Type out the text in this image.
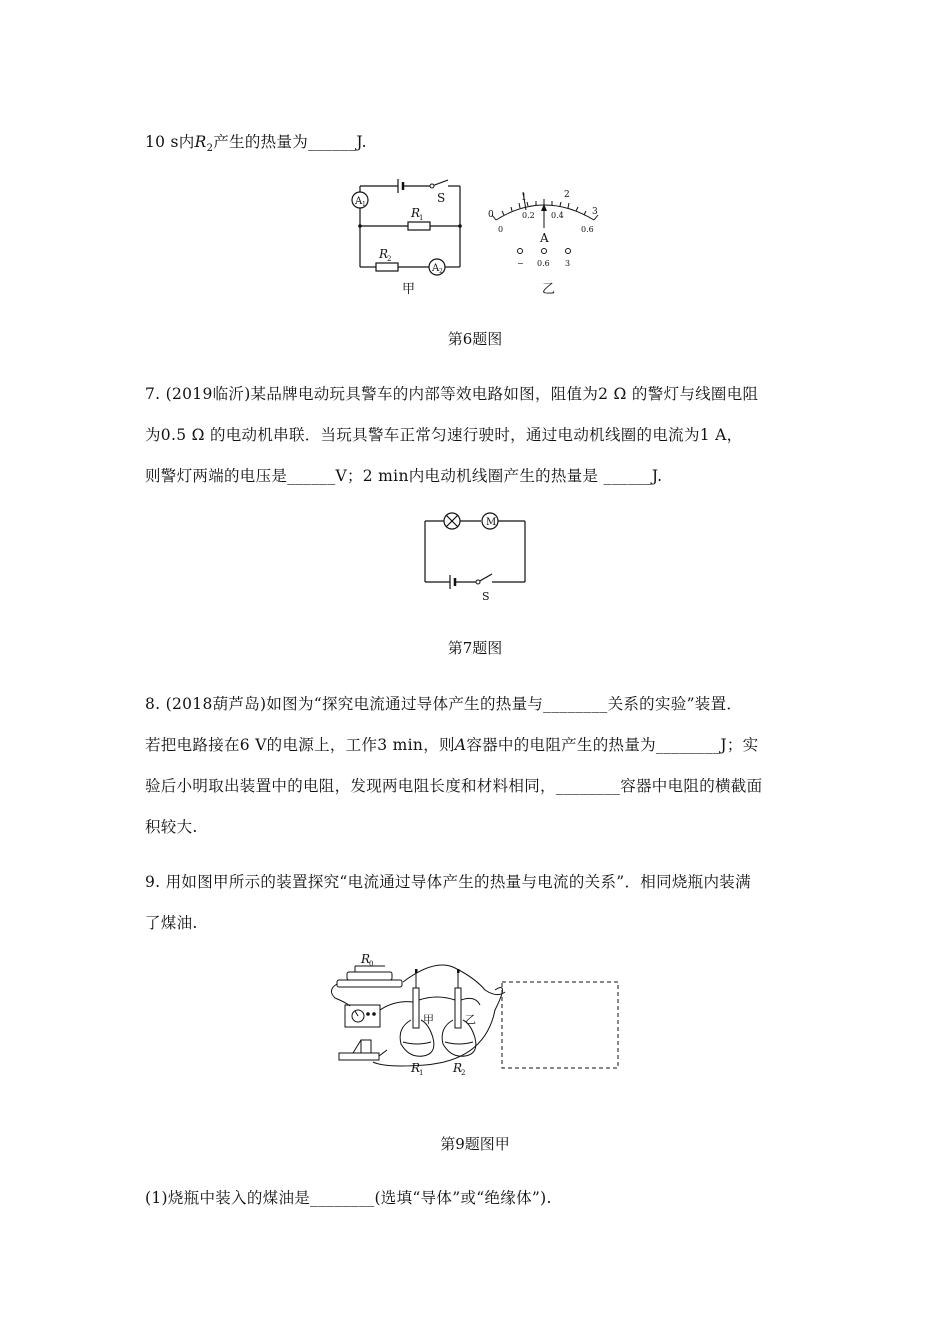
10 s内$R_2$产生的热量为______J.
A 1
A 2
S
R
1
R
2
甲
0
1	2
3
0
0.2 0.4
0.6
A
− 0.6 3
乙
第6题图
7. (2019临沂)某品牌电动玩具警车的内部等效电路如图，阻值为2 Ω 的警灯与线圈电阻
为0.5 Ω 的电动机串联．当玩具警车正常匀速行驶时，通过电动机线圈的电流为1 A，
则警灯两端的电压是______V；2 min内电动机线圈产生的热量是 ______J.
M
S
第7题图
8. (2018葫芦岛)如图为“探究电流通过导体产生的热量与________关系的实验”装置．
若把电路接在6 V的电源上，工作3 min，则A容器中的电阻产生的热量为________J；实
验后小明取出装置中的电阻，发现两电阻长度和材料相同，________容器中电阻的横截面
积较大.
9. 用如图甲所示的装置探究“电流通过导体产生的热量与电流的关系”．相同烧瓶内装满
了煤油.
R
0
甲	乙
R
1 R
2
第9题图甲
(1)烧瓶中装入的煤油是________(选填“导体”或“绝缘体”).
